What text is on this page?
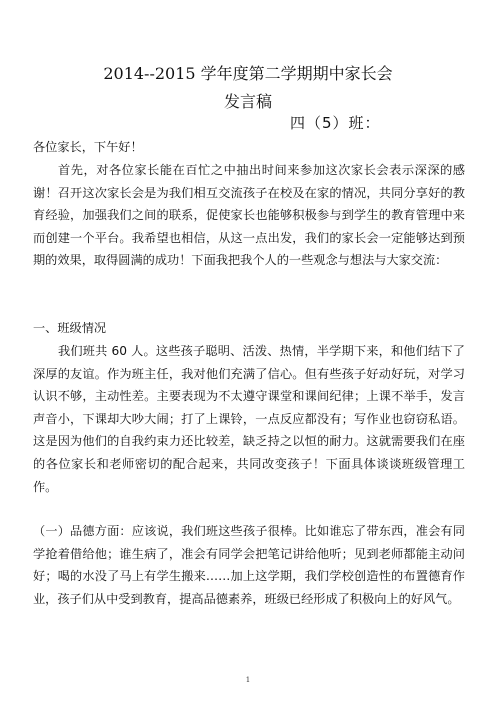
2014--2015 学年度第二学期期中家长会
发言稿
四（5）班：
各位家长，下午好！
首先，对各位家长能在百忙之中抽出时间来参加这次家长会表示深深的感谢！召开这次家长会是为我们相互交流孩子在校及在家的情况，共同分享好的教育经验，加强我们之间的联系，促使家长也能够积极参与到学生的教育管理中来而创建一个平台。我希望也相信，从这一点出发，我们的家长会一定能够达到预期的效果，取得圆满的成功！下面我把我个人的一些观念与想法与大家交流：
一、班级情况
我们班共 60 人。这些孩子聪明、活泼、热情，半学期下来，和他们结下了深厚的友谊。作为班主任，我对他们充满了信心。但有些孩子好动好玩，对学习认识不够，主动性差。主要表现为不太遵守课堂和课间纪律；上课不举手，发言声音小，下课却大吵大闹；打了上课铃，一点反应都没有；写作业也窃窃私语。这是因为他们的自我约束力还比较差，缺乏持之以恒的耐力。这就需要我们在座的各位家长和老师密切的配合起来，共同改变孩子！下面具体谈谈班级管理工作。
（一）品德方面：应该说，我们班这些孩子很棒。比如谁忘了带东西，准会有同学抢着借给他；谁生病了，准会有同学会把笔记讲给他听；见到老师都能主动问好；喝的水没了马上有学生搬来……加上这学期，我们学校创造性的布置德育作业，孩子们从中受到教育，提高品德素养，班级已经形成了积极向上的好风气。
1
